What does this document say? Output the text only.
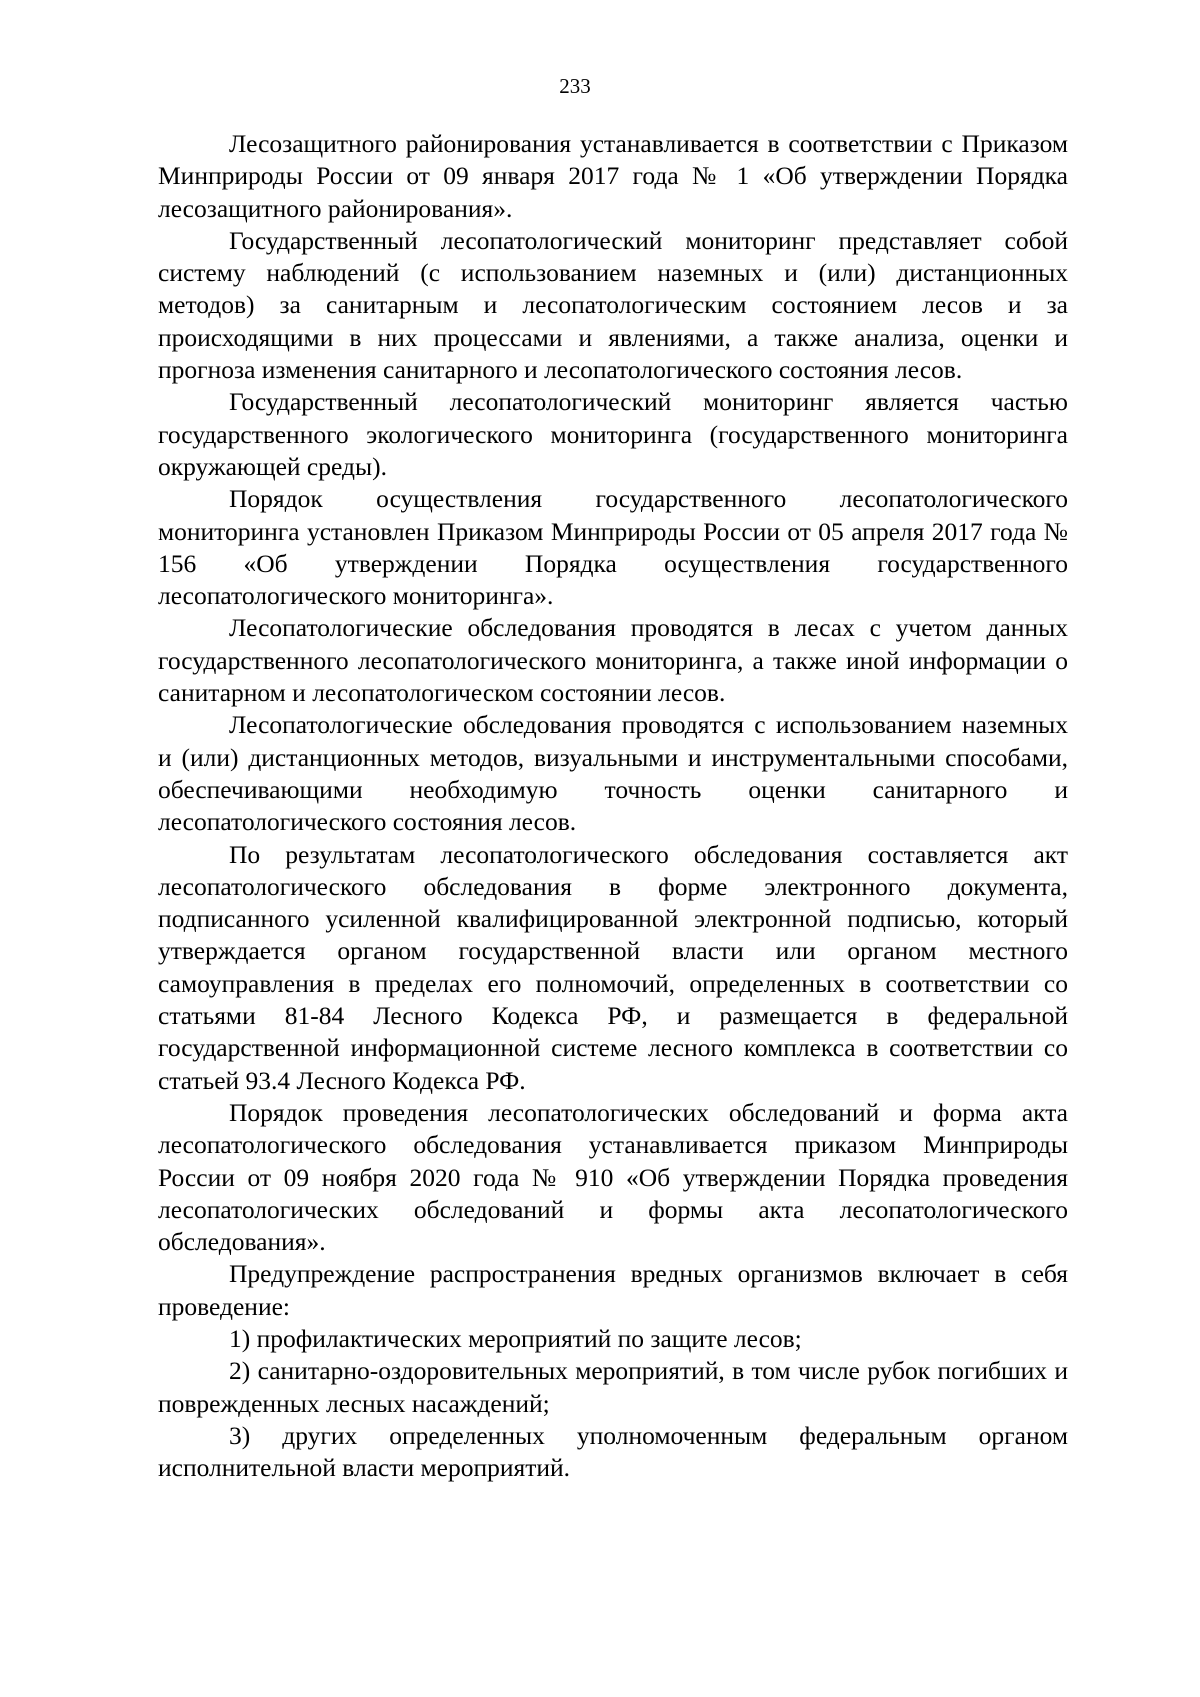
233

Лесозащитного районирования устанавливается в соответствии с Приказом Минприроды России от 09 января 2017 года № 1 «Об утверждении Порядка лесозащитного районирования».

Государственный лесопатологический мониторинг представляет собой систему наблюдений (с использованием наземных и (или) дистанционных методов) за санитарным и лесопатологическим состоянием лесов и за происходящими в них процессами и явлениями, а также анализа, оценки и прогноза изменения санитарного и лесопатологического состояния лесов.

Государственный лесопатологический мониторинг является частью государственного экологического мониторинга (государственного мониторинга окружающей среды).

Порядок осуществления государственного лесопатологического мониторинга установлен Приказом Минприроды России от 05 апреля 2017 года № 156 «Об утверждении Порядка осуществления государственного лесопатологического мониторинга».

Лесопатологические обследования проводятся в лесах с учетом данных государственного лесопатологического мониторинга, а также иной информации о санитарном и лесопатологическом состоянии лесов.

Лесопатологические обследования проводятся с использованием наземных и (или) дистанционных методов, визуальными и инструментальными способами, обеспечивающими необходимую точность оценки санитарного и лесопатологического состояния лесов.

По результатам лесопатологического обследования составляется акт лесопатологического обследования в форме электронного документа, подписанного усиленной квалифицированной электронной подписью, который утверждается органом государственной власти или органом местного самоуправления в пределах его полномочий, определенных в соответствии со статьями 81-84 Лесного Кодекса РФ, и размещается в федеральной государственной информационной системе лесного комплекса в соответствии со статьей 93.4 Лесного Кодекса РФ.

Порядок проведения лесопатологических обследований и форма акта лесопатологического обследования устанавливается приказом Минприроды России от 09 ноября 2020 года № 910 «Об утверждении Порядка проведения лесопатологических обследований и формы акта лесопатологического обследования».

Предупреждение распространения вредных организмов включает в себя проведение:

1) профилактических мероприятий по защите лесов;

2) санитарно-оздоровительных мероприятий, в том числе рубок погибших и поврежденных лесных насаждений;

3) других определенных уполномоченным федеральным органом исполнительной власти мероприятий.
